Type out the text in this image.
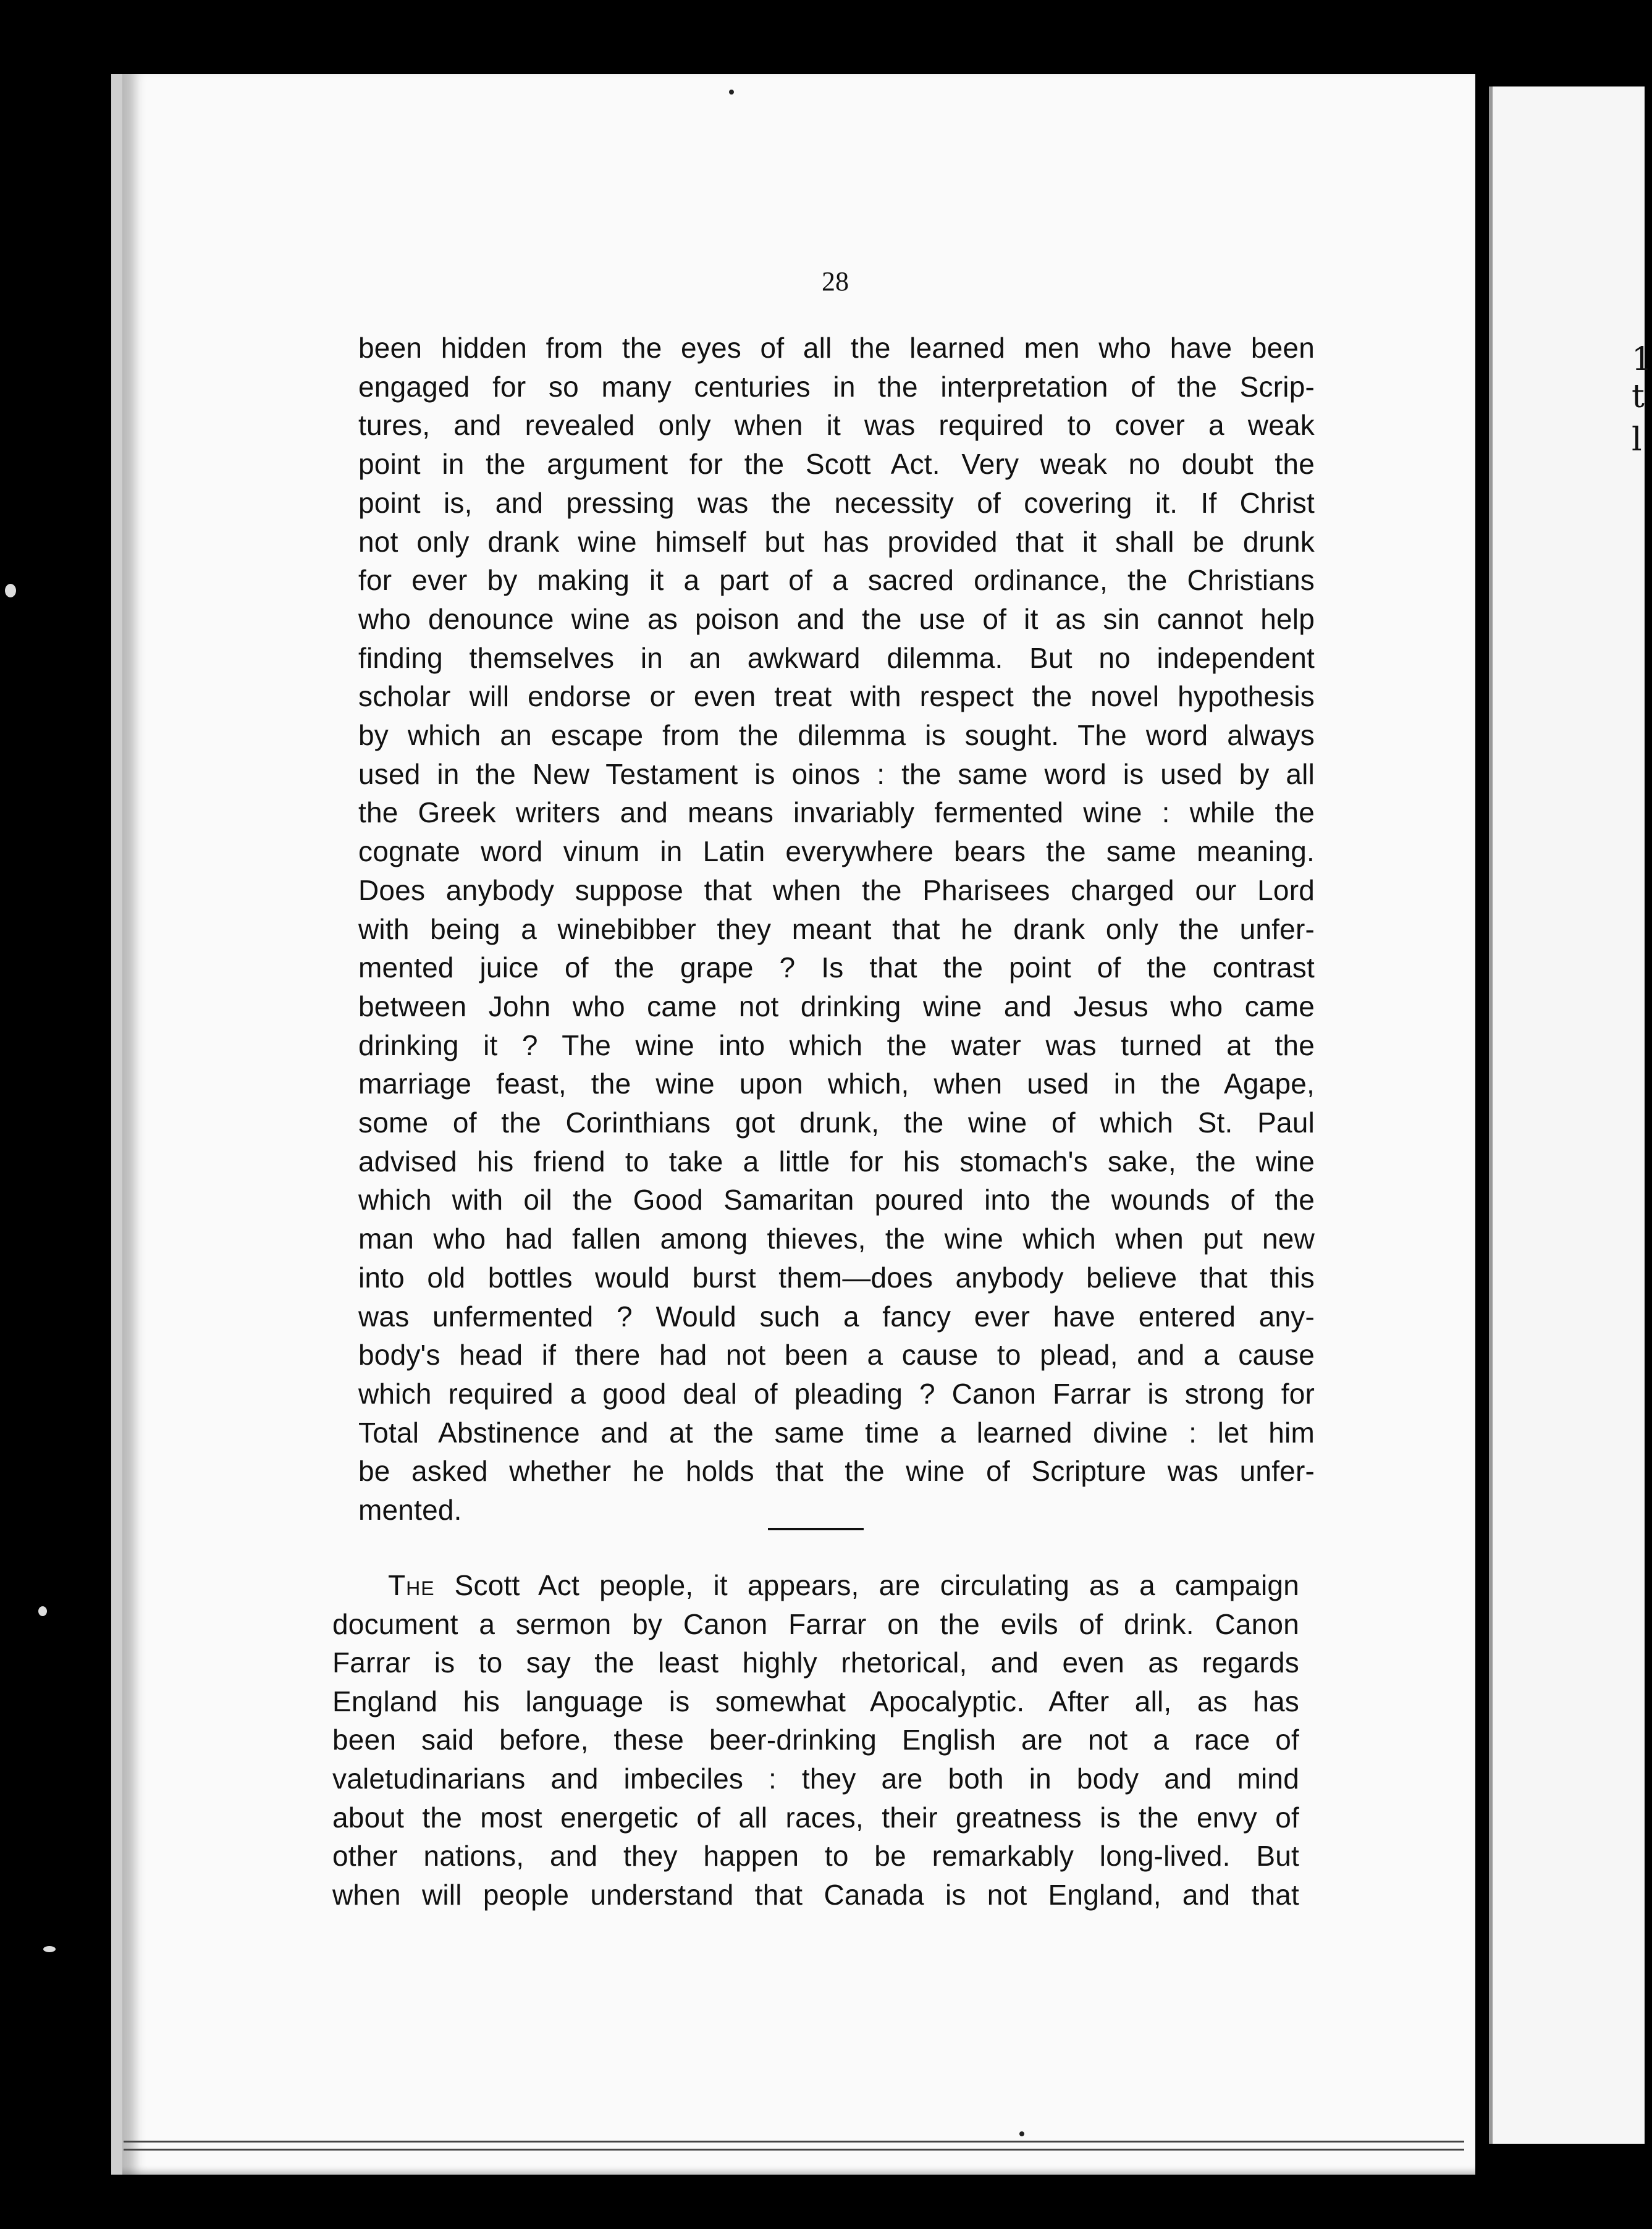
1
t
l
28
been hidden from the eyes of all the learned men who have been
engaged for so many centuries in the interpretation of the Scrip-
tures, and revealed only when it was required to cover a weak
point in the argument for the Scott Act. Very weak no doubt the
point is, and pressing was the necessity of covering it. If Christ
not only drank wine himself but has provided that it shall be drunk
for ever by making it a part of a sacred ordinance, the Christians
who denounce wine as poison and the use of it as sin cannot help
finding themselves in an awkward dilemma. But no independent
scholar will endorse or even treat with respect the novel hypothesis
by which an escape from the dilemma is sought. The word always
used in the New Testament is oinos : the same word is used by all
the Greek writers and means invariably fermented wine : while the
cognate word vinum in Latin everywhere bears the same meaning.
Does anybody suppose that when the Pharisees charged our Lord
with being a winebibber they meant that he drank only the unfer-
mented juice of the grape ? Is that the point of the contrast
between John who came not drinking wine and Jesus who came
drinking it ? The wine into which the water was turned at the
marriage feast, the wine upon which, when used in the Agape,
some of the Corinthians got drunk, the wine of which St. Paul
advised his friend to take a little for his stomach's sake, the wine
which with oil the Good Samaritan poured into the wounds of the
man who had fallen among thieves, the wine which when put new
into old bottles would burst them—does anybody believe that this
was unfermented ? Would such a fancy ever have entered any-
body's head if there had not been a cause to plead, and a cause
which required a good deal of pleading ? Canon Farrar is strong for
Total Abstinence and at the same time a learned divine : let him
be asked whether he holds that the wine of Scripture was unfer-
mented.
The Scott Act people, it appears, are circulating as a campaign
document a sermon by Canon Farrar on the evils of drink. Canon
Farrar is to say the least highly rhetorical, and even as regards
England his language is somewhat Apocalyptic. After all, as has
been said before, these beer-drinking English are not a race of
valetudinarians and imbeciles : they are both in body and mind
about the most energetic of all races, their greatness is the envy of
other nations, and they happen to be remarkably long-lived. But
when will people understand that Canada is not England, and that
